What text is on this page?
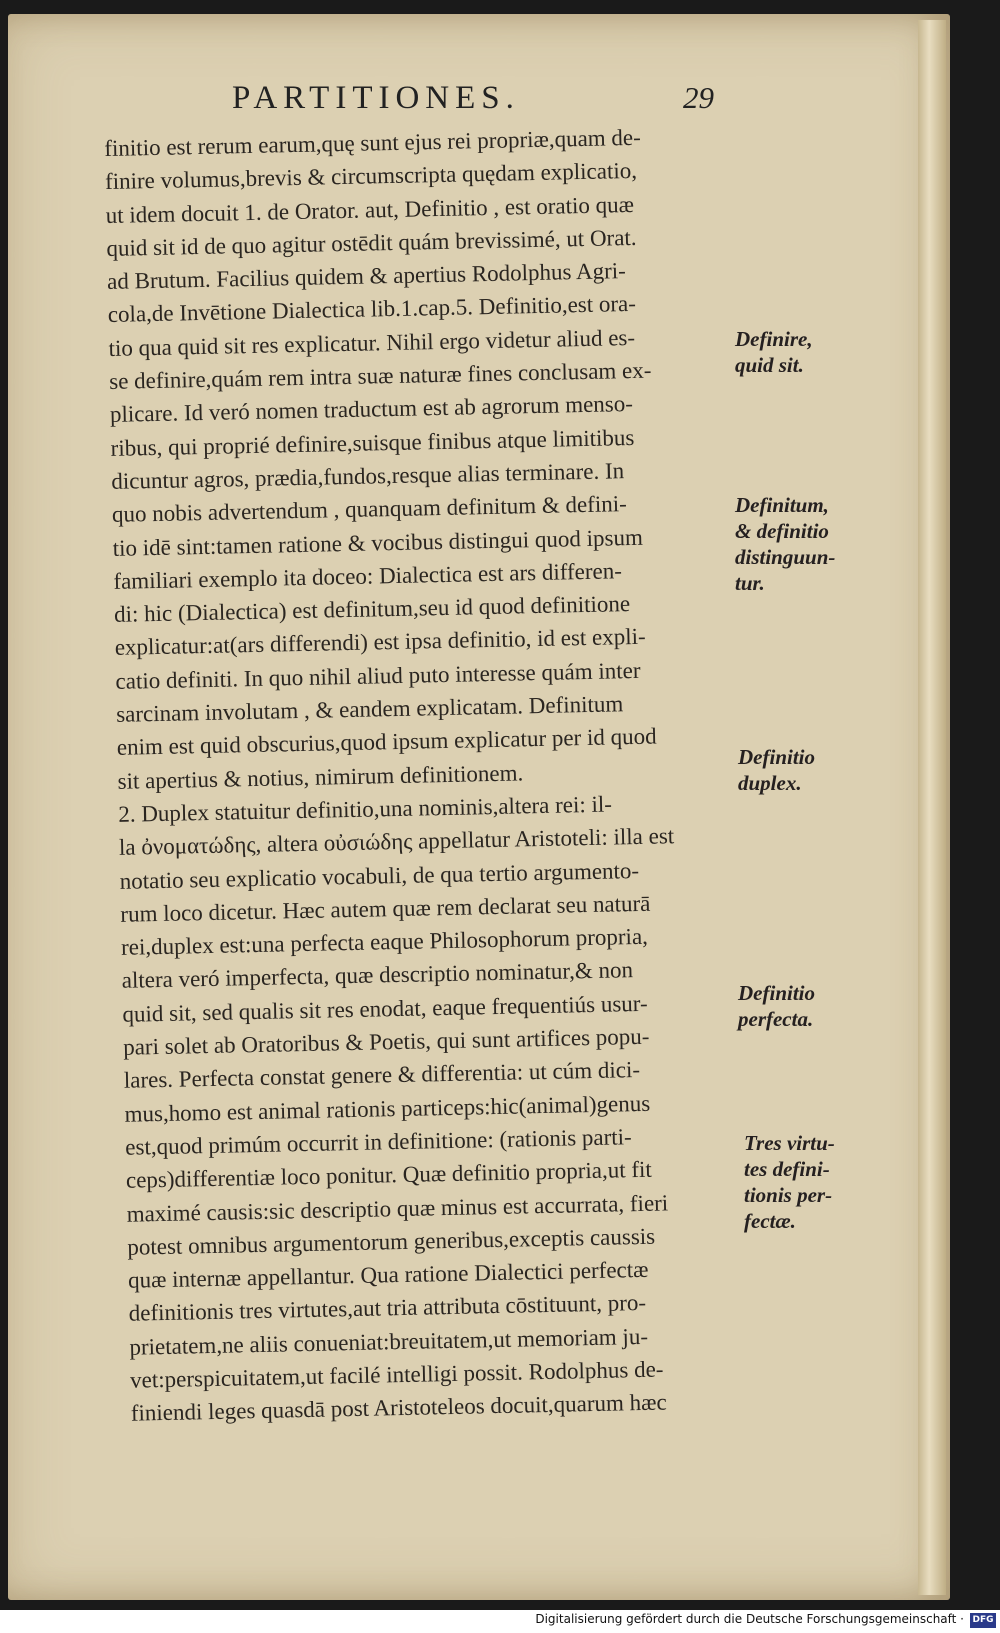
PARTITIONES.	29
finitio est rerum earum,quę sunt ejus rei propriæ,quam de-
finire volumus,brevis & circumscripta quędam explicatio,
ut idem docuit 1. de Orator. aut, Definitio , est oratio quæ
quid sit id de quo agitur ostēdit quám brevissimé, ut Orat.
ad Brutum. Facilius quidem & apertius Rodolphus Agri-
cola,de Invētione Dialectica lib.1.cap.5. Definitio,est ora-
tio qua quid sit res explicatur. Nihil ergo videtur aliud es-
se definire,quám rem intra suæ naturæ fines conclusam ex-
plicare. Id veró nomen traductum est ab agrorum menso-
ribus, qui proprié definire,suisque finibus atque limitibus
dicuntur agros, prædia,fundos,resque alias terminare. In
quo nobis advertendum , quanquam definitum & defini-
tio idē sint:tamen ratione & vocibus distingui quod ipsum
familiari exemplo ita doceo: Dialectica est ars differen-
di: hic (Dialectica) est definitum,seu id quod definitione
explicatur:at(ars differendi) est ipsa definitio, id est expli-
catio definiti. In quo nihil aliud puto interesse quám inter
sarcinam involutam , & eandem explicatam. Definitum
enim est quid obscurius,quod ipsum explicatur per id quod
sit apertius & notius, nimirum definitionem.
2. Duplex statuitur definitio,una nominis,altera rei: il-
la ὀνοματώδης, altera οὐσιώδης appellatur Aristoteli: illa est
notatio seu explicatio vocabuli, de qua tertio argumento-
rum loco dicetur. Hæc autem quæ rem declarat seu naturā
rei,duplex est:una perfecta eaque Philosophorum propria,
altera veró imperfecta, quæ descriptio nominatur,& non
quid sit, sed qualis sit res enodat, eaque frequentiús usur-
pari solet ab Oratoribus & Poetis, qui sunt artifices popu-
lares. Perfecta constat genere & differentia: ut cúm dici-
mus,homo est animal rationis particeps:hic(animal)genus
est,quod primúm occurrit in definitione: (rationis parti-
ceps)differentiæ loco ponitur. Quæ definitio propria,ut fit
maximé causis:sic descriptio quæ minus est accurrata, fieri
potest omnibus argumentorum generibus,exceptis caussis
quæ internæ appellantur. Qua ratione Dialectici perfectæ
definitionis tres virtutes,aut tria attributa cōstituunt, pro-
prietatem,ne aliis conueniat:breuitatem,ut memoriam ju-
vet:perspicuitatem,ut facilé intelligi possit. Rodolphus de-
finiendi leges quasdā post Aristoteleos docuit,quarum hæc
Definire,
quid sit.
Definitum,
& definitio
distinguun-
tur.
Definitio
duplex.
Definitio
perfecta.
Tres virtu-
tes defini-
tionis per-
fectæ.
Digitalisierung gefördert durch die Deutsche Forschungsgemeinschaft · DFG
